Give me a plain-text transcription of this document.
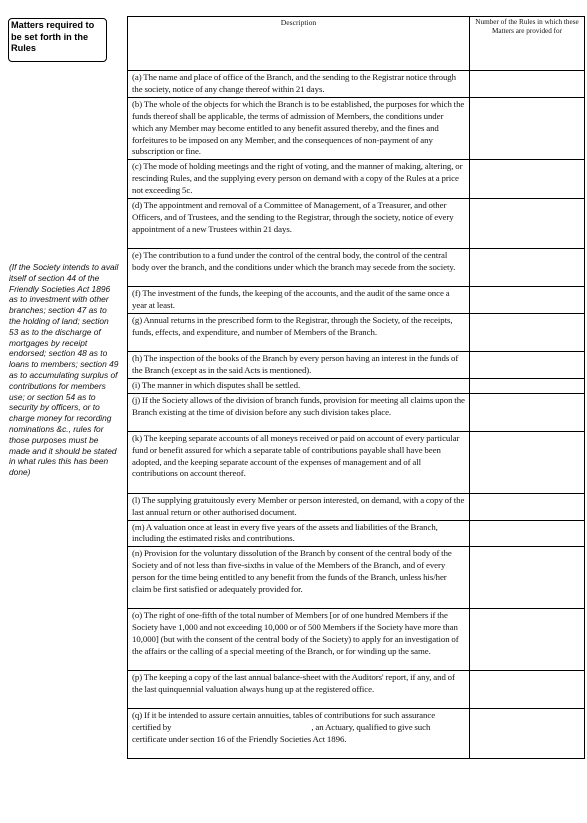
Matters required to be set forth in the Rules
(If the Society intends to avail itself of section 44 of the Friendly Societies Act 1896 as to investment with other branches; section 47 as to the holding of land; section 53 as to the discharge of mortgages by receipt endorsed; section 48 as to loans to members; section 49 as to accumulating surplus of contributions for members use; or section 54 as to security by officers, or to charge money for recording nominations &c., rules for those purposes must be made and it should be stated in what rules this has been done)
Description	Number of the Rules in which these Matters are provided for
(a) The name and place of office of the Branch, and the sending to the Registrar notice through the society, notice of any change thereof within 21 days.	
(b) The whole of the objects for which the Branch is to be established, the purposes for which the funds thereof shall be applicable, the terms of admission of Members, the conditions under which any Member may become entitled to any benefit assured thereby, and the fines and forfeitures to be imposed on any Member, and the consequences of non-payment of any subscription or fine.	
(c) The mode of holding meetings and the right of voting, and the manner of making, altering, or rescinding Rules, and the supplying every person on demand with a copy of the Rules at a price not exceeding 5c.	
(d) The appointment and removal of a Committee of Management, of a Treasurer, and other Officers, and of Trustees, and the sending to the Registrar, through the society, notice of every appointment of a new Trustees within 21 days.	
(e) The contribution to a fund under the control of the central body, the control of the central body over the branch, and the conditions under which the branch may secede from the society.	
(f) The investment of the funds, the keeping of the accounts, and the audit of the same once a year at least.	
(g) Annual returns in the prescribed form to the Registrar, through the Society, of the receipts, funds, effects, and expenditure, and number of Members of the Branch.	
(h) The inspection of the books of the Branch by every person having an interest in the funds of the Branch (except as in the said Acts is mentioned).	
(i) The manner in which disputes shall be settled.	
(j) If the Society allows of the division of branch funds, provision for meeting all claims upon the Branch existing at the time of division before any such division takes place.	
(k) The keeping separate accounts of all moneys received or paid on account of every particular fund or benefit assured for which a separate table of contributions payable shall have been adopted, and the keeping separate account of the expenses of management and of all contributions on account thereof.	
(l) The supplying gratuitously every Member or person interested, on demand, with a copy of the last annual return or other authorised document.	
(m) A valuation once at least in every five years of the assets and liabilities of the Branch, including the estimated risks and contributions.	
(n) Provision for the voluntary dissolution of the Branch by consent of the central body of the Society and of not less than five-sixths in value of the Members of the Branch, and of every person for the time being entitled to any benefit from the funds of the Branch, unless his/her claim be first satisfied or adequately provided for.	
(o) The right of one-fifth of the total number of Members [or of one hundred Members if the Society have 1,000 and not exceeding 10,000 or of 500 Members if the Society have more than 10,000] (but with the consent of the central body of the Society) to apply for an investigation of the affairs or the calling of a special meeting of the Branch, or for winding up the same.	
(p) The keeping a copy of the last annual balance-sheet with the Auditors' report, if any, and of the last quinquennial valuation always hung up at the registered office.	
(q) If it be intended to assure certain annuities, tables of contributions for such assurance certified by , an Actuary, qualified to give such certificate under section 16 of the Friendly Societies Act 1896.	
